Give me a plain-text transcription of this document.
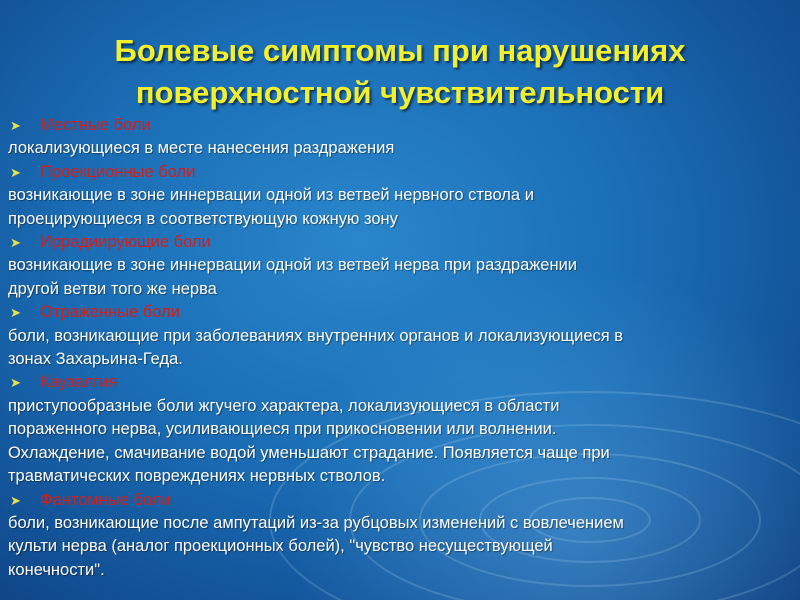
Болевые симптомы при нарушениях
поверхностной чувствительности
➤	Местные боли
локализующиеся в месте нанесения раздражения
➤	Проекционные боли
возникающие в зоне иннервации одной из ветвей нервного ствола и
проецирующиеся в соответствующую кожную зону
➤	Иррадиирующие боли
возникающие в зоне иннервации одной из ветвей нерва при раздражении
другой ветви того же нерва
➤	Отраженные боли
боли, возникающие при заболеваниях внутренних органов и локализующиеся в
зонах Захарьина-Геда.
➤	Каузалгия
приступообразные боли жгучего характера, локализующиеся в области
пораженного нерва, усиливающиеся при прикосновении или волнении.
Охлаждение, смачивание водой уменьшают страдание. Появляется чаще при
травматических повреждениях нервных стволов.
➤	Фантомные боли
боли, возникающие после ампутаций из-за рубцовых изменений с вовлечением
культи нерва (аналог проекционных болей), "чувство несуществующей
конечности".
